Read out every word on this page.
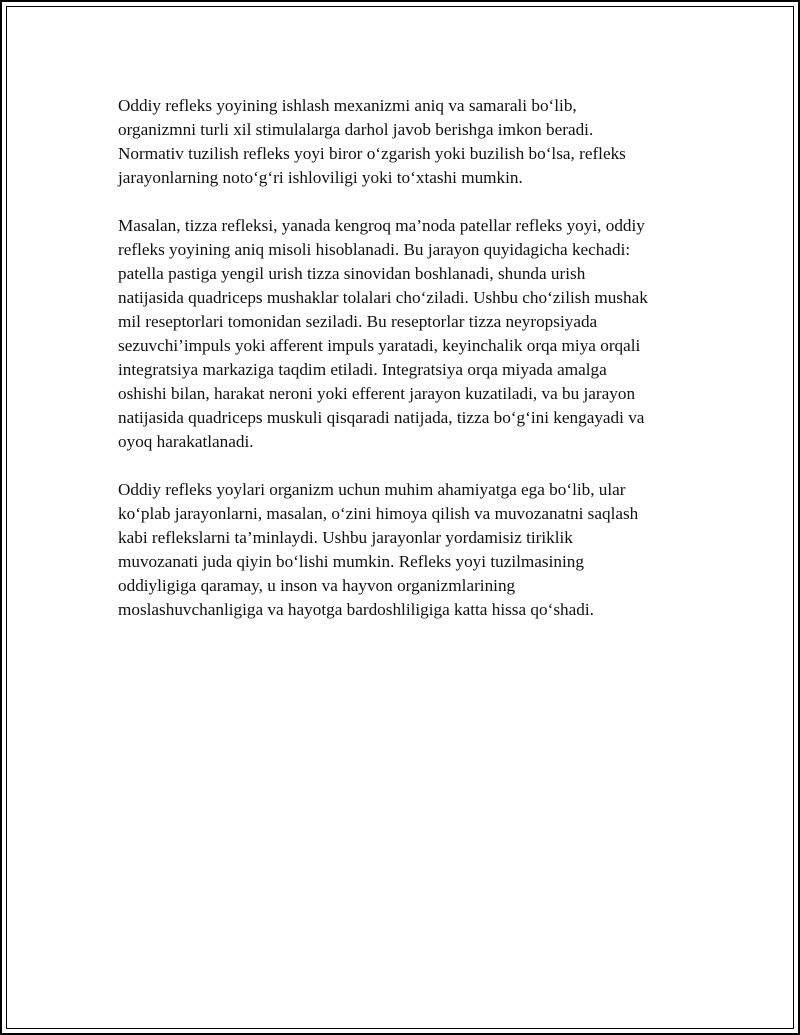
Oddiy refleks yoyining ishlash mexanizmi aniq va samarali bo‘lib,
organizmni turli xil stimulalarga darhol javob berishga imkon beradi.
Normativ tuzilish refleks yoyi biror o‘zgarish yoki buzilish bo‘lsa, refleks
jarayonlarning noto‘g‘ri ishloviligi yoki to‘xtashi mumkin.

Masalan, tizza refleksi, yanada kengroq ma’noda patellar refleks yoyi, oddiy
refleks yoyining aniq misoli hisoblanadi. Bu jarayon quyidagicha kechadi:
patella pastiga yengil urish tizza sinovidan boshlanadi, shunda urish
natijasida quadriceps mushaklar tolalari cho‘ziladi. Ushbu cho‘zilish mushak
mil reseptorlari tomonidan seziladi. Bu reseptorlar tizza neyropsiyada
sezuvchi’impuls yoki afferent impuls yaratadi, keyinchalik orqa miya orqali
integratsiya markaziga taqdim etiladi. Integratsiya orqa miyada amalga
oshishi bilan, harakat neroni yoki efferent jarayon kuzatiladi, va bu jarayon
natijasida quadriceps muskuli qisqaradi natijada, tizza bo‘g‘ini kengayadi va
oyoq harakatlanadi.

Oddiy refleks yoylari organizm uchun muhim ahamiyatga ega bo‘lib, ular
ko‘plab jarayonlarni, masalan, o‘zini himoya qilish va muvozanatni saqlash
kabi reflekslarni ta’minlaydi. Ushbu jarayonlar yordamisiz tiriklik
muvozanati juda qiyin bo‘lishi mumkin. Refleks yoyi tuzilmasining
oddiyligiga qaramay, u inson va hayvon organizmlarining
moslashuvchanligiga va hayotga bardoshliligiga katta hissa qo‘shadi.
